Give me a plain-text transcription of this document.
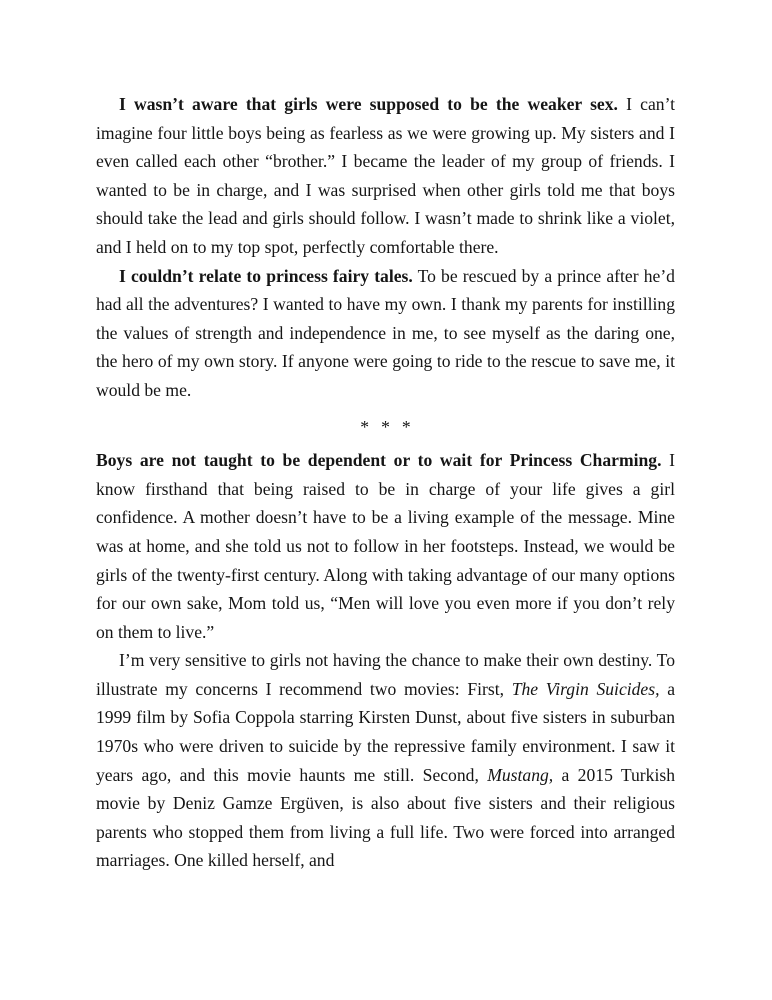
I wasn’t aware that girls were supposed to be the weaker sex. I can’t imagine four little boys being as fearless as we were growing up. My sisters and I even called each other “brother.” I became the leader of my group of friends. I wanted to be in charge, and I was surprised when other girls told me that boys should take the lead and girls should follow. I wasn’t made to shrink like a violet, and I held on to my top spot, perfectly comfortable there.

I couldn’t relate to princess fairy tales. To be rescued by a prince after he’d had all the adventures? I wanted to have my own. I thank my parents for instilling the values of strength and independence in me, to see myself as the daring one, the hero of my own story. If anyone were going to ride to the rescue to save me, it would be me.

* * *

Boys are not taught to be dependent or to wait for Princess Charming. I know firsthand that being raised to be in charge of your life gives a girl confidence. A mother doesn’t have to be a living example of the message. Mine was at home, and she told us not to follow in her footsteps. Instead, we would be girls of the twenty-first century. Along with taking advantage of our many options for our own sake, Mom told us, “Men will love you even more if you don’t rely on them to live.”

I’m very sensitive to girls not having the chance to make their own destiny. To illustrate my concerns I recommend two movies: First, The Virgin Suicides, a 1999 film by Sofia Coppola starring Kirsten Dunst, about five sisters in suburban 1970s who were driven to suicide by the repressive family environment. I saw it years ago, and this movie haunts me still. Second, Mustang, a 2015 Turkish movie by Deniz Gamze Ergüven, is also about five sisters and their religious parents who stopped them from living a full life. Two were forced into arranged marriages. One killed herself, and
